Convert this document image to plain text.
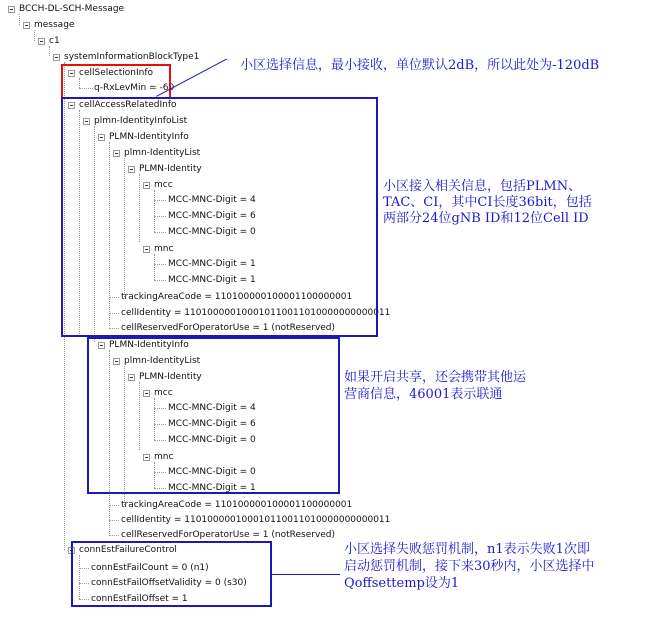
BCCH-DL-SCH-Message
message
c1
systemInformationBlockType1
cellSelectionInfo
q-RxLevMin = -60
cellAccessRelatedInfo
plmn-IdentityInfoList
PLMN-IdentityInfo
plmn-IdentityList
PLMN-Identity
mcc
MCC-MNC-Digit = 4
MCC-MNC-Digit = 6
MCC-MNC-Digit = 0
mnc
MCC-MNC-Digit = 1
MCC-MNC-Digit = 1
trackingAreaCode = 110100000100001100000001
cellIdentity = 110100000100010110011010000000000011
cellReservedForOperatorUse = 1 (notReserved)
PLMN-IdentityInfo
plmn-IdentityList
PLMN-Identity
mcc
MCC-MNC-Digit = 4
MCC-MNC-Digit = 6
MCC-MNC-Digit = 0
mnc
MCC-MNC-Digit = 0
MCC-MNC-Digit = 1
trackingAreaCode = 110100000100001100000001
cellIdentity = 110100000100010110011010000000000011
cellReservedForOperatorUse = 1 (notReserved)
connEstFailureControl
connEstFailCount = 0 (n1)
connEstFailOffsetValidity = 0 (s30)
connEstFailOffset = 1
小区选择信息，最小接收，单位默认2dB，所以此处为-120dB
小区接入相关信息，包括PLMN、
TAC、CI，其中CI长度36bit，包括
两部分24位gNB ID和12位Cell ID
如果开启共享，还会携带其他运
营商信息，46001表示联通
小区选择失败惩罚机制，n1表示失败1次即
启动惩罚机制，接下来30秒内，小区选择中
Qoffsettemp设为1
